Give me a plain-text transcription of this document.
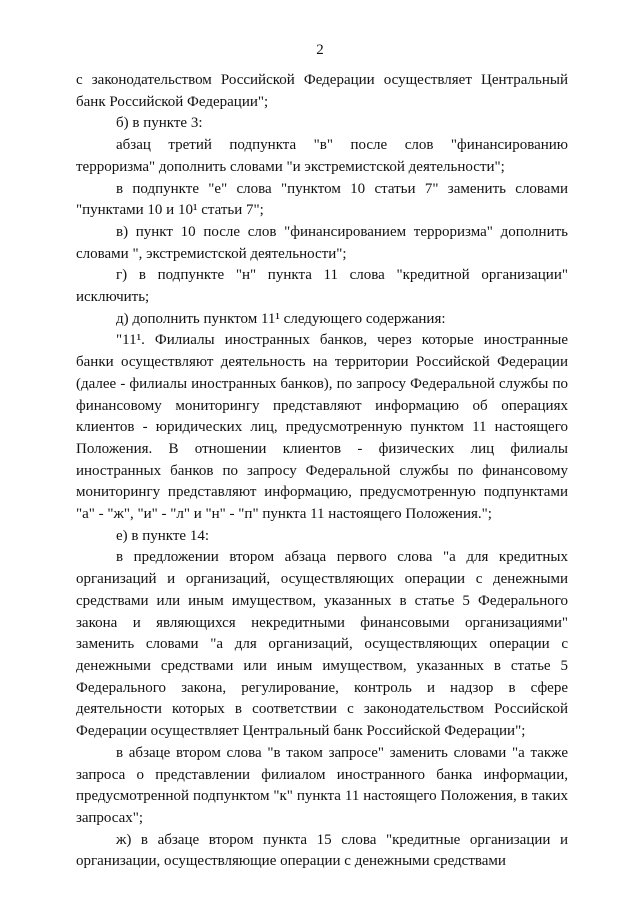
2

с законодательством Российской Федерации осуществляет Центральный банк Российской Федерации";

б) в пункте 3:

абзац третий подпункта "в" после слов "финансированию терроризма" дополнить словами "и экстремистской деятельности";

в подпункте "е" слова "пунктом 10 статьи 7" заменить словами "пунктами 10 и 10¹ статьи 7";

в) пункт 10 после слов "финансированием терроризма" дополнить словами ", экстремистской деятельности";

г) в подпункте "н" пункта 11 слова "кредитной организации" исключить;

д) дополнить пунктом 11¹ следующего содержания:

"11¹. Филиалы иностранных банков, через которые иностранные банки осуществляют деятельность на территории Российской Федерации (далее - филиалы иностранных банков), по запросу Федеральной службы по финансовому мониторингу представляют информацию об операциях клиентов - юридических лиц, предусмотренную пунктом 11 настоящего Положения. В отношении клиентов - физических лиц филиалы иностранных банков по запросу Федеральной службы по финансовому мониторингу представляют информацию, предусмотренную подпунктами "а" - "ж", "и" - "л" и "н" - "п" пункта 11 настоящего Положения.";

е) в пункте 14:

в предложении втором абзаца первого слова "а для кредитных организаций и организаций, осуществляющих операции с денежными средствами или иным имуществом, указанных в статье 5 Федерального закона и являющихся некредитными финансовыми организациями" заменить словами "а для организаций, осуществляющих операции с денежными средствами или иным имуществом, указанных в статье 5 Федерального закона, регулирование, контроль и надзор в сфере деятельности которых в соответствии с законодательством Российской Федерации осуществляет Центральный банк Российской Федерации";

в абзаце втором слова "в таком запросе" заменить словами "а также запроса о представлении филиалом иностранного банка информации, предусмотренной подпунктом "к" пункта 11 настоящего Положения, в таких запросах";

ж) в абзаце втором пункта 15 слова "кредитные организации и организации, осуществляющие операции с денежными средствами
